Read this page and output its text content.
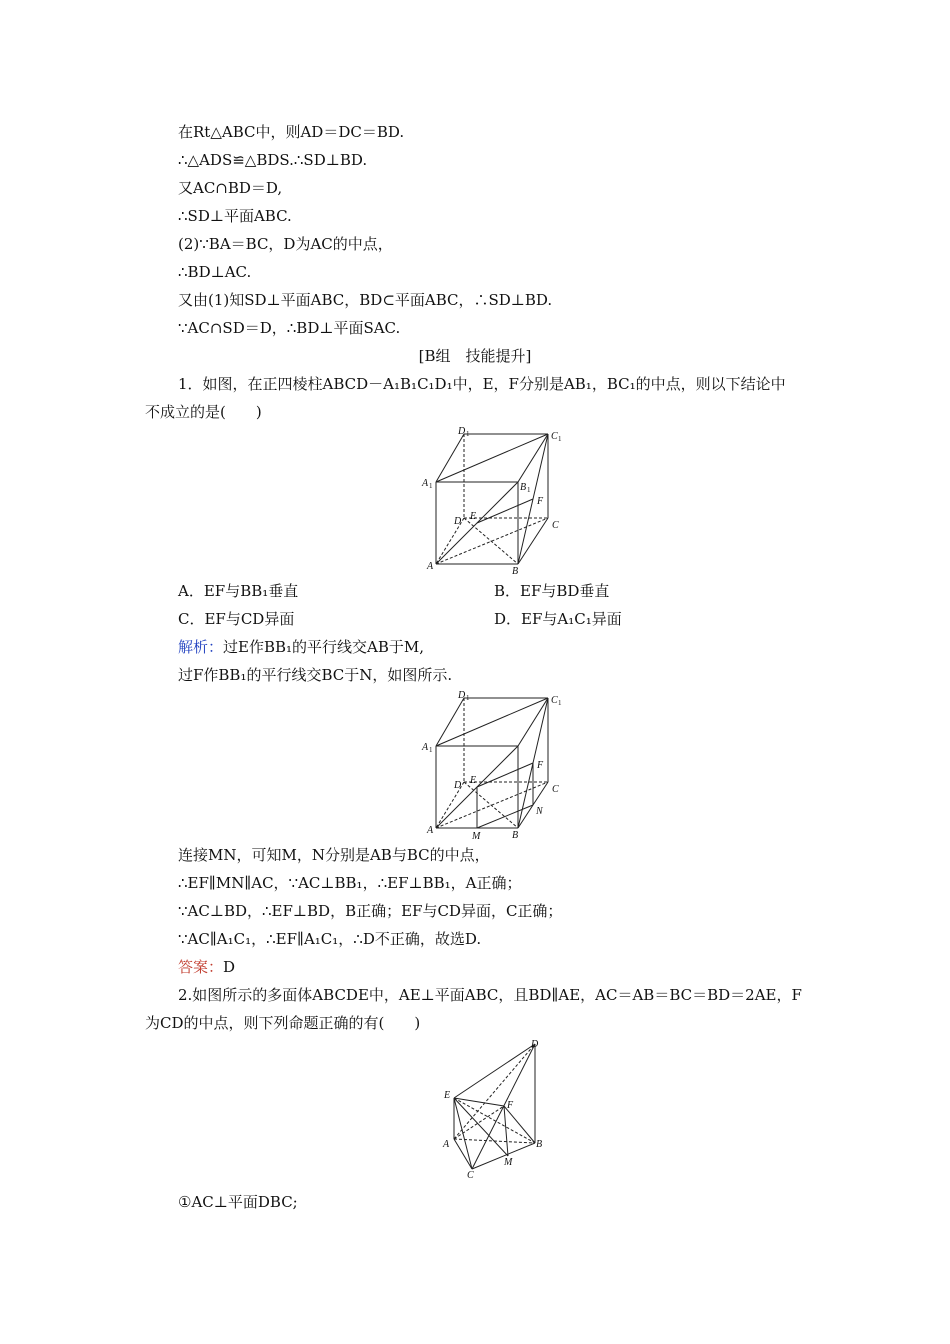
在Rt△ABC中，则AD＝DC＝BD.
∴△ADS≌△BDS.∴SD⊥BD.
又AC∩BD＝D,
∴SD⊥平面ABC.
(2)∵BA＝BC，D为AC的中点，
∴BD⊥AC.
又由(1)知SD⊥平面ABC，BD⊂平面ABC，∴SD⊥BD.
∵AC∩SD＝D，∴BD⊥平面SAC.
[B组　技能提升]
1．如图，在正四棱柱ABCD－A₁B₁C₁D₁中，E，F分别是AB₁，BC₁的中点，则以下结论中
不成立的是(　　)
D 1	C 1
A 1	B 1
D E
F
C
A	B
A．EF与BB₁垂直	B．EF与BD垂直
C．EF与CD异面	D．EF与A₁C₁异面
解析：过E作BB₁的平行线交AB于M,
过F作BB₁的平行线交BC于N，如图所示.
D 1	C 1
A 1
D E
F
C
N
A
M	B
连接MN，可知M，N分别是AB与BC的中点，
∴EF∥MN∥AC，∵AC⊥BB₁，∴EF⊥BB₁，A正确；
∵AC⊥BD，∴EF⊥BD，B正确；EF与CD异面，C正确；
∵AC∥A₁C₁，∴EF∥A₁C₁，∴D不正确，故选D.
答案：D
2.如图所示的多面体ABCDE中，AE⊥平面ABC，且BD∥AE，AC＝AB＝BC＝BD＝2AE，F
为CD的中点，则下列命题正确的有(　　)
D
E
F
A	B
M
C
①AC⊥平面DBC;
